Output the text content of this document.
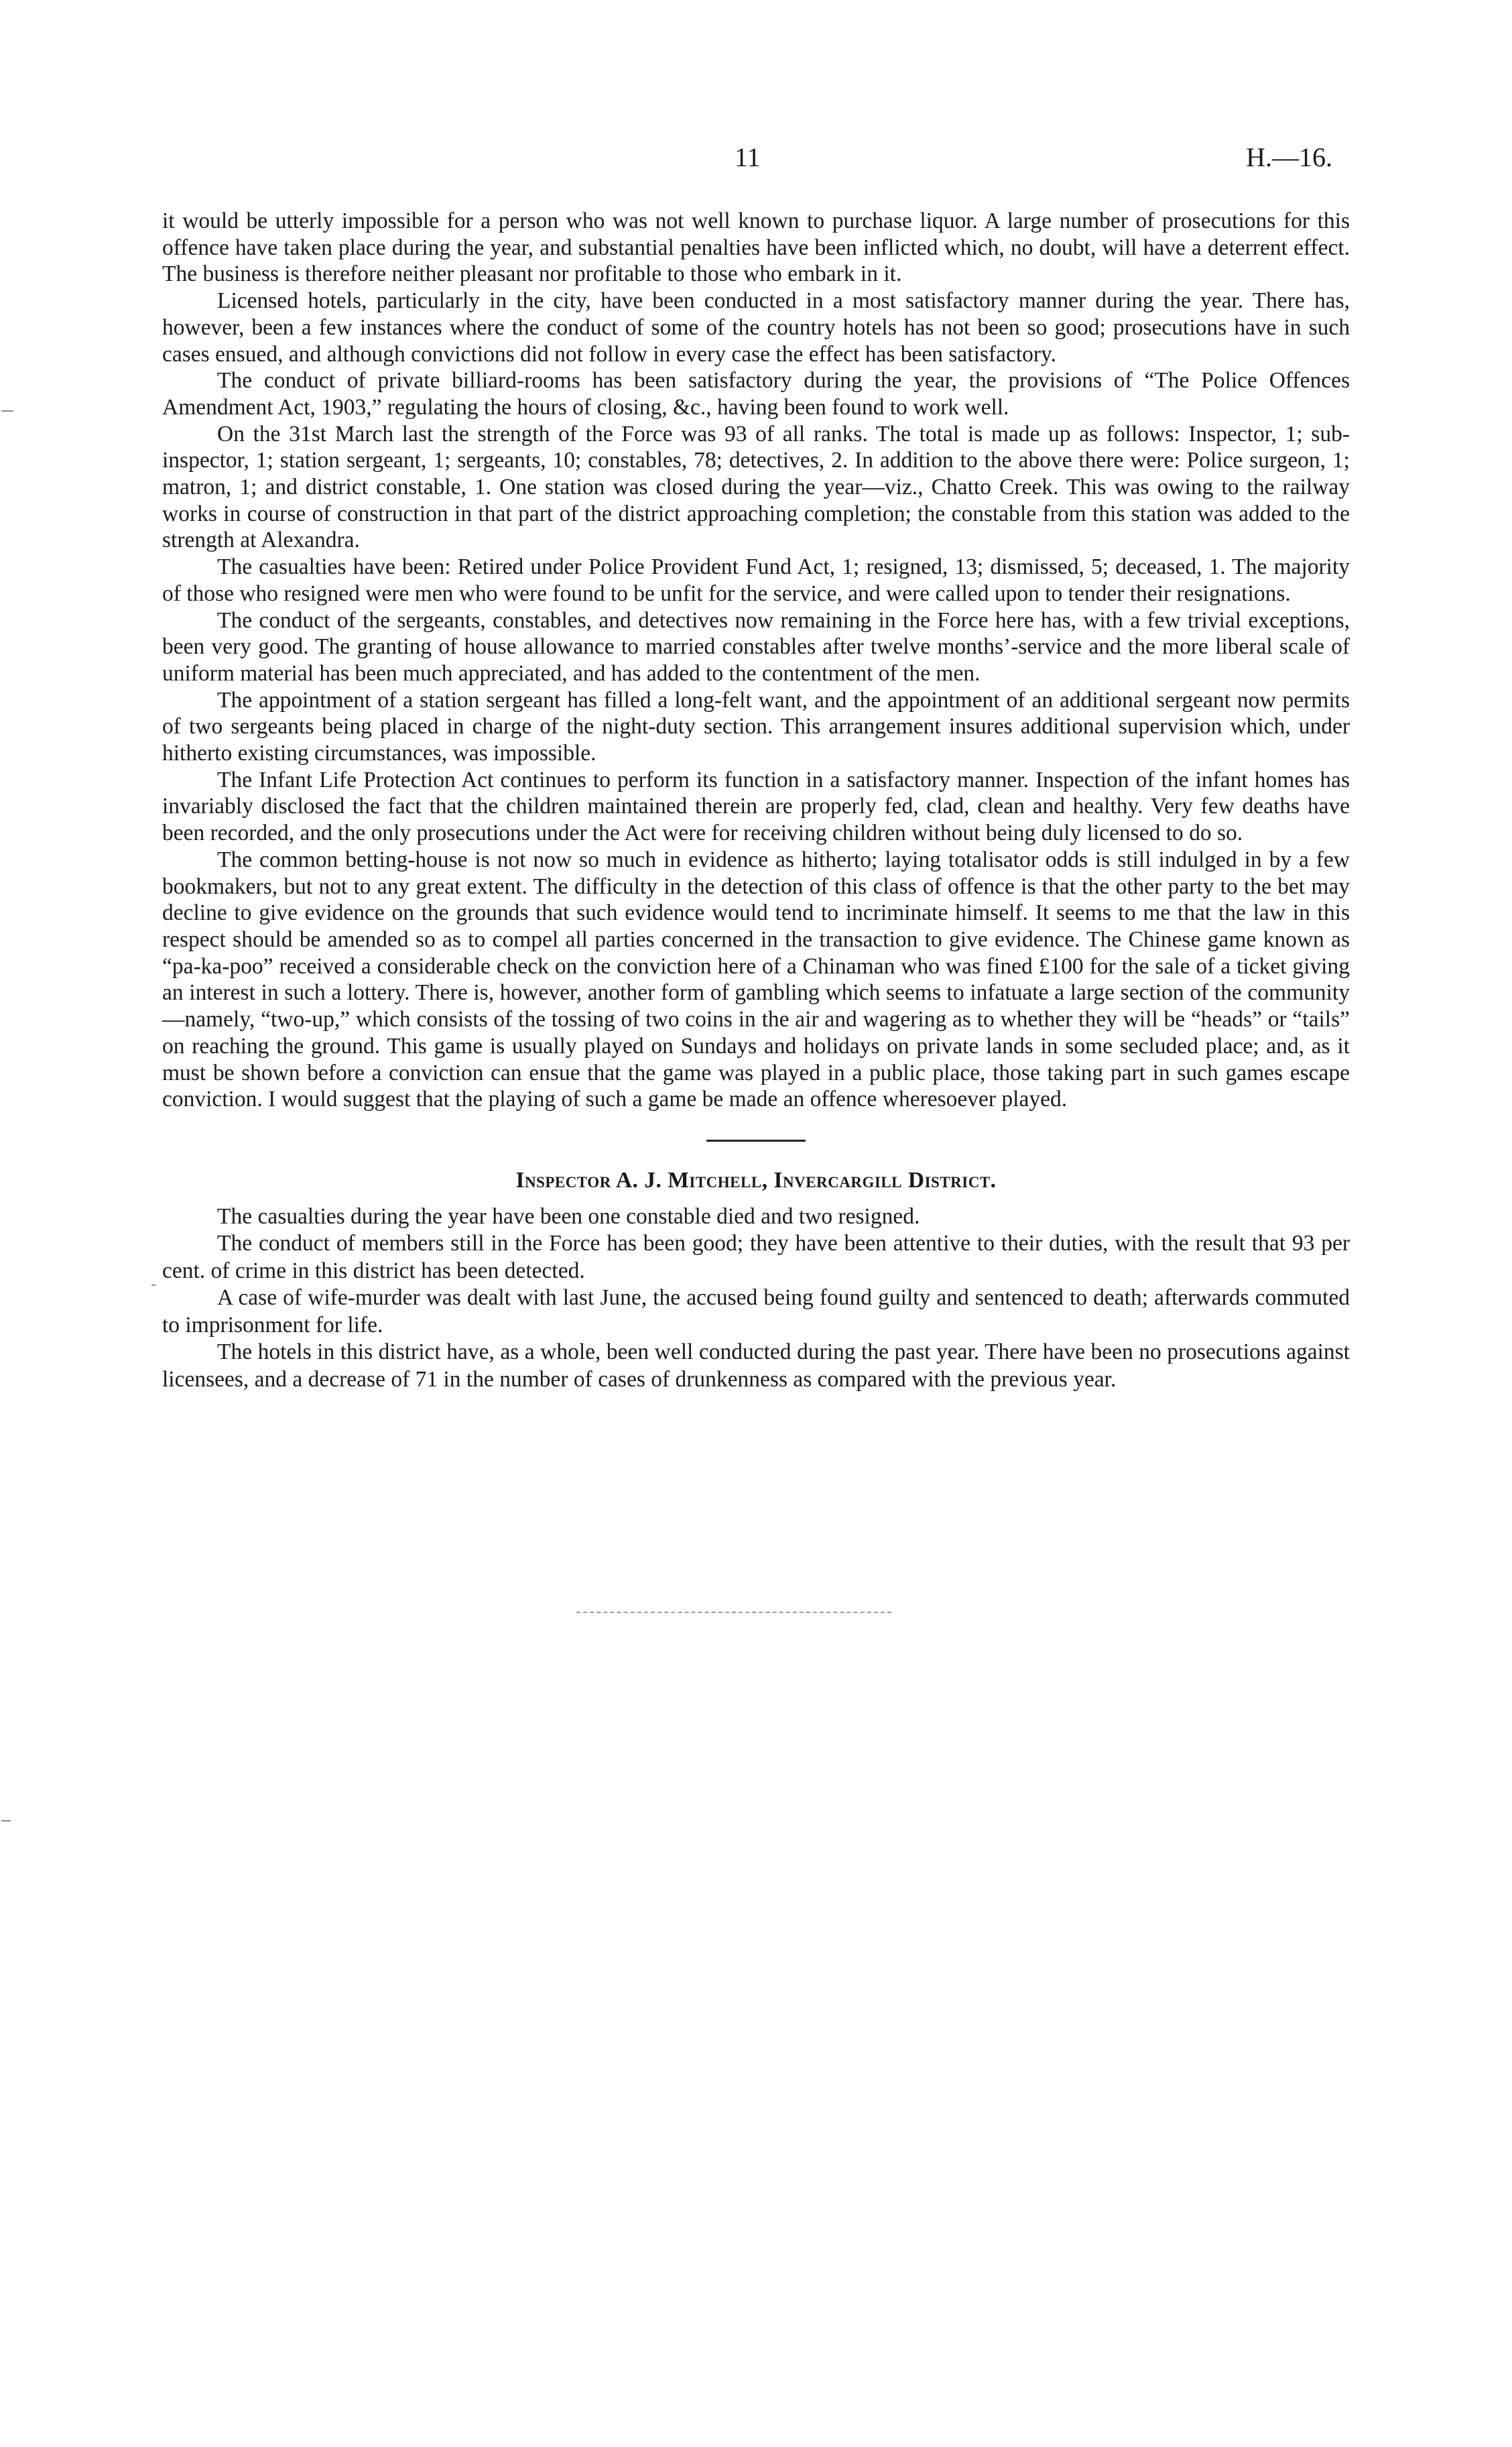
11	H.—16.

it would be utterly impossible for a person who was not well known to purchase liquor. A large number of prosecutions for this offence have taken place during the year, and substantial penalties have been inflicted which, no doubt, will have a deterrent effect. The business is therefore neither pleasant nor profitable to those who embark in it.

Licensed hotels, particularly in the city, have been conducted in a most satisfactory manner during the year. There has, however, been a few instances where the conduct of some of the country hotels has not been so good; prosecutions have in such cases ensued, and although convictions did not follow in every case the effect has been satisfactory.

The conduct of private billiard-rooms has been satisfactory during the year, the provisions of “The Police Offences Amendment Act, 1903,” regulating the hours of closing, &c., having been found to work well.

On the 31st March last the strength of the Force was 93 of all ranks. The total is made up as follows: Inspector, 1; sub-inspector, 1; station sergeant, 1; sergeants, 10; constables, 78; detectives, 2. In addition to the above there were: Police surgeon, 1; matron, 1; and district constable, 1. One station was closed during the year—viz., Chatto Creek. This was owing to the railway works in course of construction in that part of the district approaching completion; the constable from this station was added to the strength at Alexandra.

The casualties have been: Retired under Police Provident Fund Act, 1; resigned, 13; dismissed, 5; deceased, 1. The majority of those who resigned were men who were found to be unfit for the service, and were called upon to tender their resignations.

The conduct of the sergeants, constables, and detectives now remaining in the Force here has, with a few trivial exceptions, been very good. The granting of house allowance to married constables after twelve months’-service and the more liberal scale of uniform material has been much appreciated, and has added to the contentment of the men.

The appointment of a station sergeant has filled a long-felt want, and the appointment of an additional sergeant now permits of two sergeants being placed in charge of the night-duty section. This arrangement insures additional supervision which, under hitherto existing circumstances, was impossible.

The Infant Life Protection Act continues to perform its function in a satisfactory manner. Inspection of the infant homes has invariably disclosed the fact that the children maintained therein are properly fed, clad, clean and healthy. Very few deaths have been recorded, and the only prosecutions under the Act were for receiving children without being duly licensed to do so.

The common betting-house is not now so much in evidence as hitherto; laying totalisator odds is still indulged in by a few bookmakers, but not to any great extent. The difficulty in the detection of this class of offence is that the other party to the bet may decline to give evidence on the grounds that such evidence would tend to incriminate himself. It seems to me that the law in this respect should be amended so as to compel all parties concerned in the transaction to give evidence. The Chinese game known as “pa-ka-poo” received a considerable check on the conviction here of a Chinaman who was fined £100 for the sale of a ticket giving an interest in such a lottery. There is, however, another form of gambling which seems to infatuate a large section of the community—namely, “two-up,” which consists of the tossing of two coins in the air and wagering as to whether they will be “heads” or “tails” on reaching the ground. This game is usually played on Sundays and holidays on private lands in some secluded place; and, as it must be shown before a conviction can ensue that the game was played in a public place, those taking part in such games escape conviction. I would suggest that the playing of such a game be made an offence wheresoever played.

Inspector A. J. Mitchell, Invercargill District.

The casualties during the year have been one constable died and two resigned.

The conduct of members still in the Force has been good; they have been attentive to their duties, with the result that 93 per cent. of crime in this district has been detected.

A case of wife-murder was dealt with last June, the accused being found guilty and sentenced to death; afterwards commuted to imprisonment for life.

The hotels in this district have, as a whole, been well conducted during the past year. There have been no prosecutions against licensees, and a decrease of 71 in the number of cases of drunkenness as compared with the previous year.
